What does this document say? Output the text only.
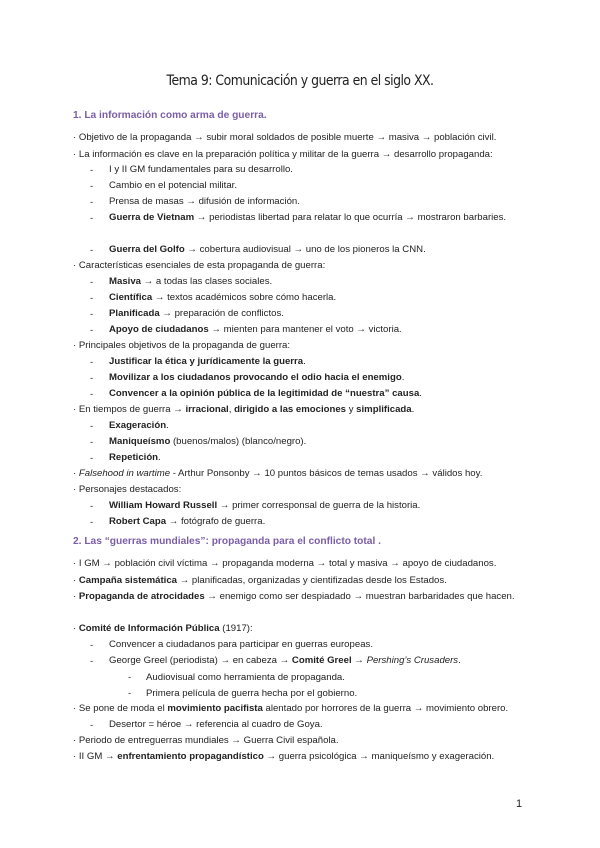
Tema 9: Comunicación y guerra en el siglo XX.
1. La información como arma de guerra.
· Objetivo de la propaganda → subir moral soldados de posible muerte → masiva → población civil.
· La información es clave en la preparación política y militar de la guerra → desarrollo propaganda:
- I y II GM fundamentales para su desarrollo.
- Cambio en el potencial militar.
- Prensa de masas → difusión de información.
- Guerra de Vietnam → periodistas libertad para relatar lo que ocurría → mostraron barbaries.
- Guerra del Golfo → cobertura audiovisual → uno de los pioneros la CNN.
· Características esenciales de esta propaganda de guerra:
- Masiva → a todas las clases sociales.
- Científica → textos académicos sobre cómo hacerla.
- Planificada → preparación de conflictos.
- Apoyo de ciudadanos → mienten para mantener el voto → victoria.
· Principales objetivos de la propaganda de guerra:
- Justificar la ética y jurídicamente la guerra.
- Movilizar a los ciudadanos provocando el odio hacia el enemigo.
- Convencer a la opinión pública de la legitimidad de “nuestra” causa.
· En tiempos de guerra → irracional, dirigido a las emociones y simplificada.
- Exageración.
- Maniqueísmo (buenos/malos) (blanco/negro).
- Repetición.
· Falsehood in wartime - Arthur Ponsonby → 10 puntos básicos de temas usados → válidos hoy.
· Personajes destacados:
- William Howard Russell → primer corresponsal de guerra de la historia.
- Robert Capa → fotógrafo de guerra.
2. Las “guerras mundiales”: propaganda para el conflicto total .
· I GM → población civil víctima → propaganda moderna → total y masiva → apoyo de ciudadanos.
· Campaña sistemática → planificadas, organizadas y cientifizadas desde los Estados.
· Propaganda de atrocidades → enemigo como ser despiadado → muestran barbaridades que hacen.
· Comité de Información Pública (1917):
- Convencer a ciudadanos para participar en guerras europeas.
- George Greel (periodista) → en cabeza → Comité Greel → Pershing’s Crusaders.
- Audiovisual como herramienta de propaganda.
- Primera película de guerra hecha por el gobierno.
· Se pone de moda el movimiento pacifista alentado por horrores de la guerra → movimiento obrero.
- Desertor = héroe → referencia al cuadro de Goya.
· Periodo de entreguerras mundiales → Guerra Civil española.
· II GM → enfrentamiento propagandístico → guerra psicológica → maniqueísmo y exageración.
1
